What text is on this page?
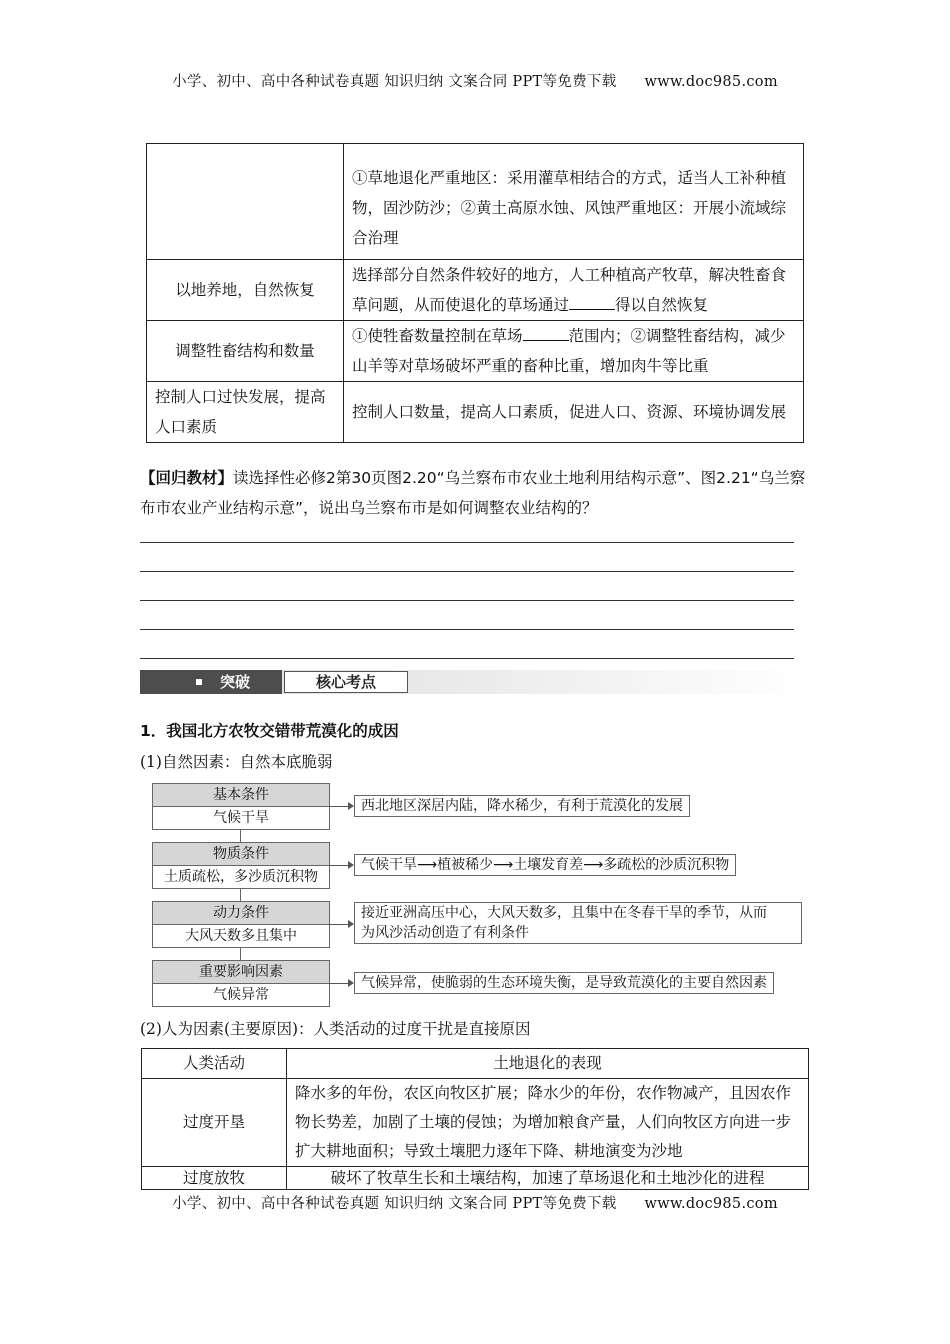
小学、初中、高中各种试卷真题 知识归纳 文案合同 PPT等免费下载 www.doc985.com
	①草地退化严重地区：采用灌草相结合的方式，适当人工补种植物，固沙防沙；②黄土高原水蚀、风蚀严重地区：开展小流域综合治理
以地养地，自然恢复	选择部分自然条件较好的地方，人工种植高产牧草，解决牲畜食草问题，从而使退化的草场通过 得以自然恢复
调整牲畜结构和数量	①使牲畜数量控制在草场 范围内；②调整牲畜结构，减少山羊等对草场破坏严重的畜种比重，增加肉牛等比重
控制人口过快发展，提高人口素质	控制人口数量，提高人口素质，促进人口、资源、环境协调发展
【回归教材】读选择性必修2第30页图2.20“乌兰察布市农业土地利用结构示意”、图2.21“乌兰察布市农业产业结构示意”，说出乌兰察布市是如何调整农业结构的？
突破	核心考点
1．我国北方农牧交错带荒漠化的成因
(1)自然因素：自然本底脆弱
基本条件
气候干旱
西北地区深居内陆，降水稀少，有利于荒漠化的发展
物质条件
土质疏松，多沙质沉积物
气候干旱⟶植被稀少⟶土壤发育差⟶多疏松的沙质沉积物
动力条件
大风天数多且集中
接近亚洲高压中心，大风天数多，且集中在冬春干旱的季节，从而
为风沙活动创造了有利条件
重要影响因素
气候异常
气候异常，使脆弱的生态环境失衡，是导致荒漠化的主要自然因素
(2)人为因素(主要原因)：人类活动的过度干扰是直接原因
人类活动	土地退化的表现
过度开垦	降水多的年份，农区向牧区扩展；降水少的年份，农作物减产，且因农作物长势差，加剧了土壤的侵蚀；为增加粮食产量，人们向牧区方向进一步扩大耕地面积；导致土壤肥力逐年下降、耕地演变为沙地
过度放牧	破坏了牧草生长和土壤结构，加速了草场退化和土地沙化的进程
小学、初中、高中各种试卷真题 知识归纳 文案合同 PPT等免费下载 www.doc985.com
